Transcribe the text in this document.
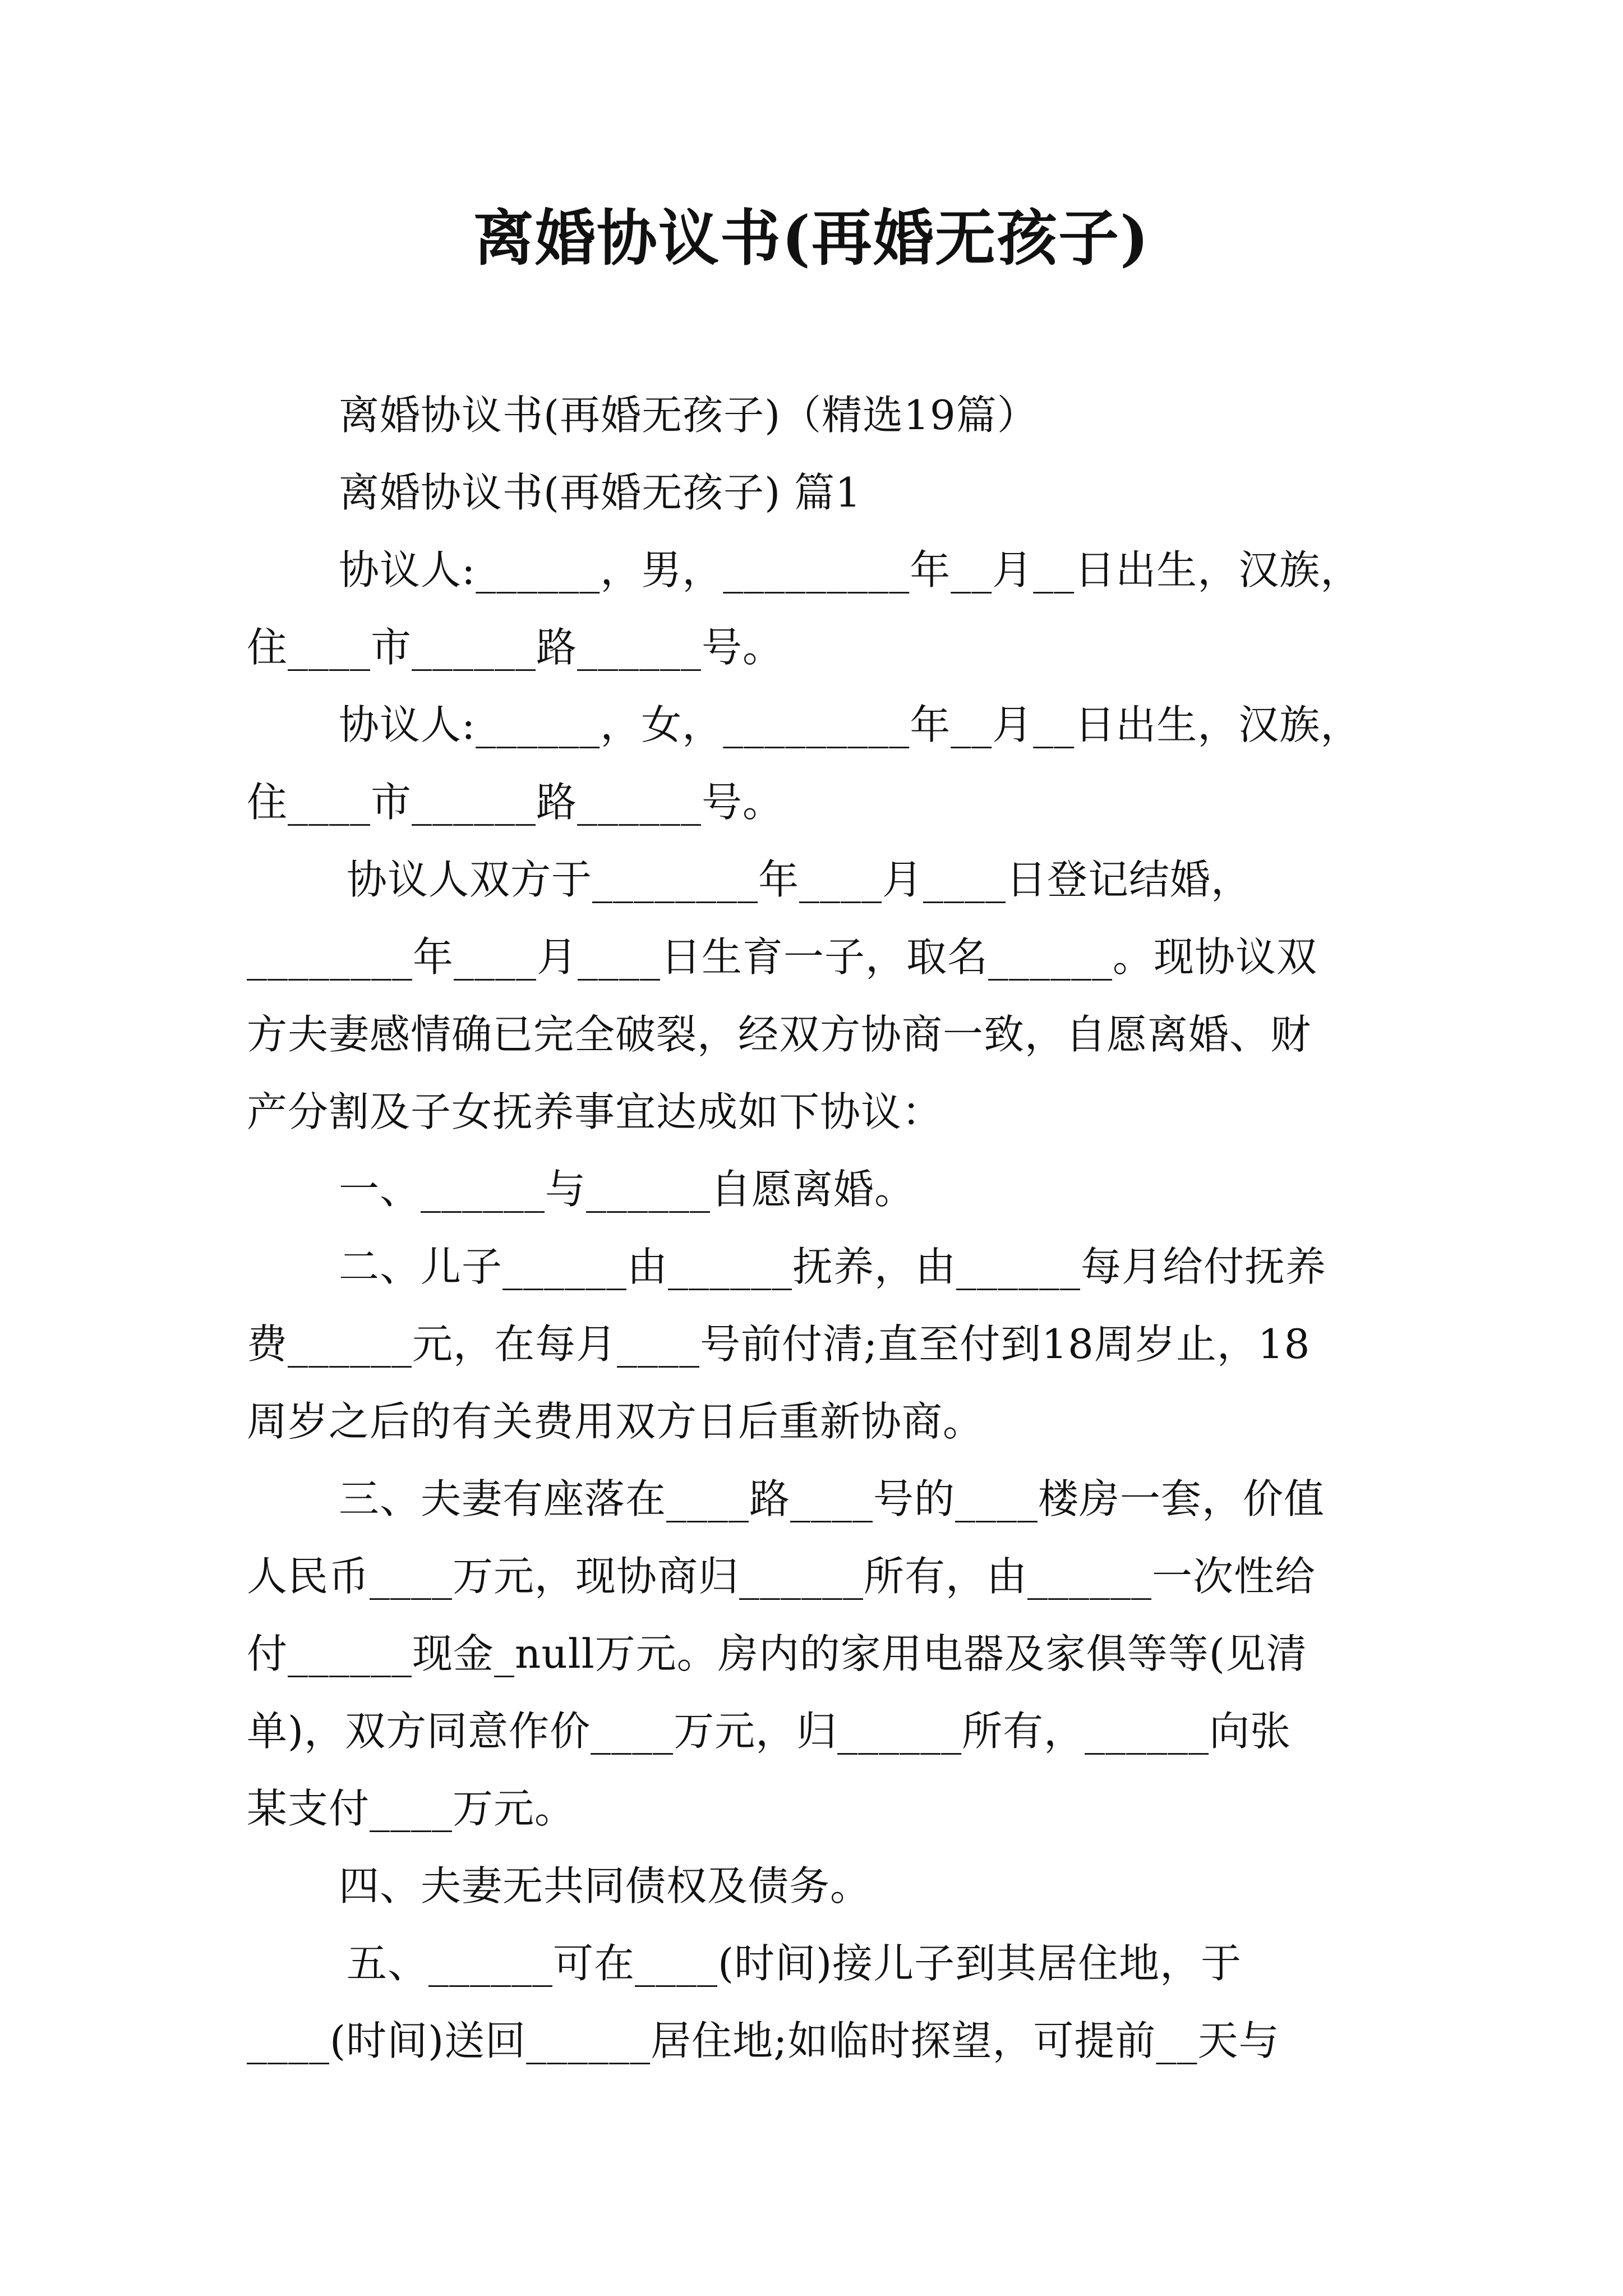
离婚协议书(再婚无孩子)
离婚协议书(再婚无孩子)（精选19篇）
离婚协议书(再婚无孩子) 篇1
协议人:______，男，_________年__月__日出生，汉族，
住____市______路______号。
协议人:______，女，_________年__月__日出生，汉族，
住____市______路______号。
协议人双方于________年____月____日登记结婚，
________年____月____日生育一子，取名______。现协议双
方夫妻感情确已完全破裂，经双方协商一致，自愿离婚、财
产分割及子女抚养事宜达成如下协议：
一、______与______自愿离婚。
二、儿子______由______抚养，由______每月给付抚养
费______元，在每月____号前付清;直至付到18周岁止，18
周岁之后的有关费用双方日后重新协商。
三、夫妻有座落在____路____号的____楼房一套，价值
人民币____万元，现协商归______所有，由______一次性给
付______现金_null万元。房内的家用电器及家俱等等(见清
单)，双方同意作价____万元，归______所有，______向张
某支付____万元。
四、夫妻无共同债权及债务。
五、______可在____(时间)接儿子到其居住地，于
____(时间)送回______居住地;如临时探望，可提前__天与
